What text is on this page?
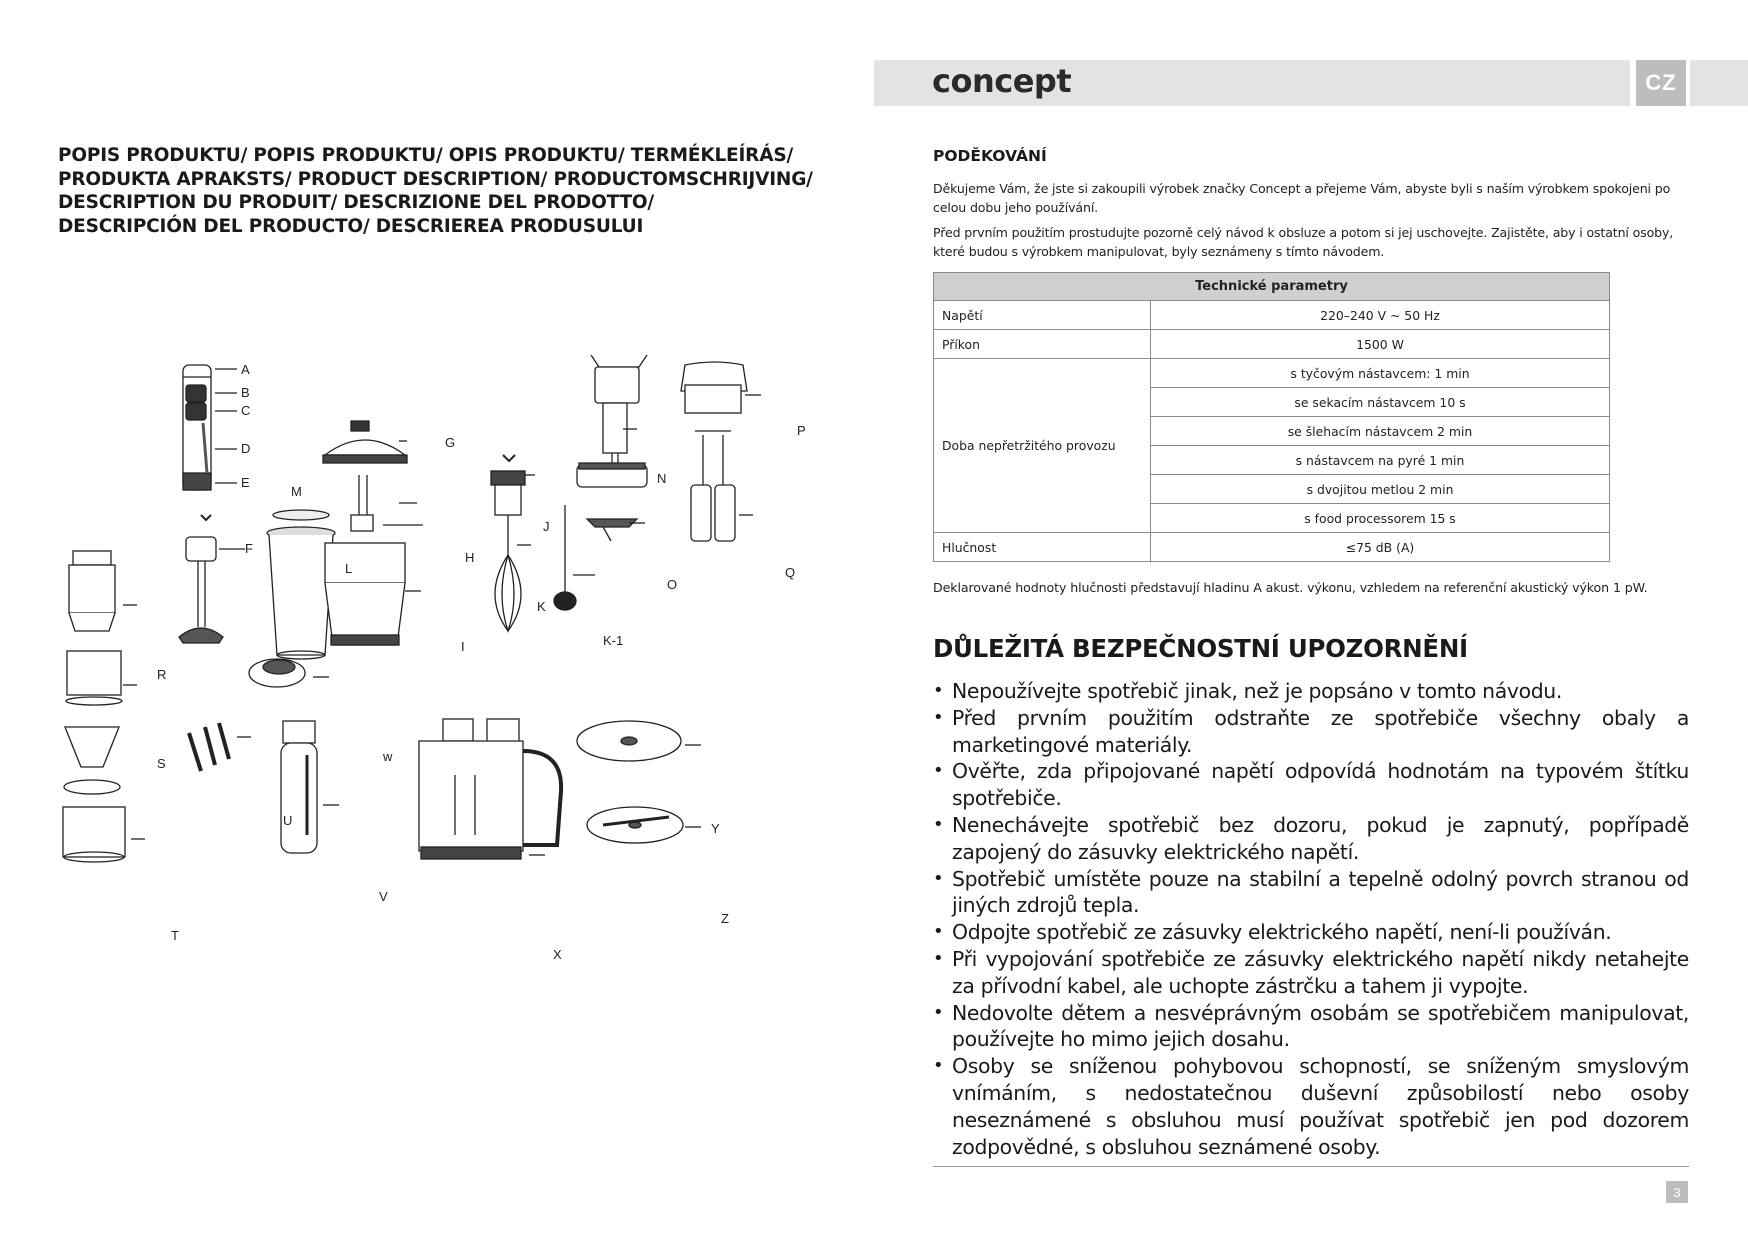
POPIS PRODUKTU/ POPIS PRODUKTU/ OPIS PRODUKTU/ TERMÉKLEÍRÁS/
PRODUKTA APRAKSTS/ PRODUCT DESCRIPTION/ PRODUCTOMSCHRIJVING/
DESCRIPTION DU PRODUIT/ DESCRIZIONE DEL PRODOTTO/
DESCRIPCIÓN DEL PRODUCTO/ DESCRIEREA PRODUSULUI
A
B
C
D
E
F
G
H
I
J
K
K-1
L
M
N
O
P
Q
R
S
T
U
V
w
X
Y
Z
concept	CZ
PODĚKOVÁNÍ
Děkujeme Vám, že jste si zakoupili výrobek značky Concept a přejeme Vám, abyste byli s naším výrobkem spokojeni po celou dobu jeho používání.
Před prvním použitím prostudujte pozorně celý návod k obsluze a potom si jej uschovejte. Zajistěte, aby i ostatní osoby, které budou s výrobkem manipulovat, byly seznámeny s tímto návodem.
Technické parametry	
Napětí	220–240 V ~ 50 Hz
Příkon	1500 W
Doba nepřetržitého provozu	s tyčovým nástavcem: 1 min
	se sekacím nástavcem 10 s
	se šlehacím nástavcem 2 min
	s nástavcem na pyré 1 min
	s dvojitou metlou 2 min
	s food processorem 15 s
Hlučnost	≤75 dB (A)
Deklarované hodnoty hlučnosti představují hladinu A akust. výkonu, vzhledem na referenční akustický výkon 1 pW.
DŮLEŽITÁ BEZPEČNOSTNÍ UPOZORNĚNÍ
• Nepoužívejte spotřebič jinak, než je popsáno v tomto návodu.
• Před prvním použitím odstraňte ze spotřebiče všechny obaly a marketingové materiály.
• Ověřte, zda připojované napětí odpovídá hodnotám na typovém štítku spotřebiče.
• Nenechávejte spotřebič bez dozoru, pokud je zapnutý, popřípadě zapojený do zásuvky elektrického napětí.
• Spotřebič umístěte pouze na stabilní a tepelně odolný povrch stranou od jiných zdrojů tepla.
• Odpojte spotřebič ze zásuvky elektrického napětí, není-li používán.
• Při vypojování spotřebiče ze zásuvky elektrického napětí nikdy netahejte za přívodní kabel, ale uchopte zástrčku a tahem ji vypojte.
• Nedovolte dětem a nesvéprávným osobám se spotřebičem manipulovat, používejte ho mimo jejich dosahu.
• Osoby se sníženou pohybovou schopností, se sníženým smyslovým vnímáním, s nedostatečnou duševní způsobilostí nebo osoby neseznámené s obsluhou musí používat spotřebič jen pod dozorem zodpovědné, s obsluhou seznámené osoby.
3
